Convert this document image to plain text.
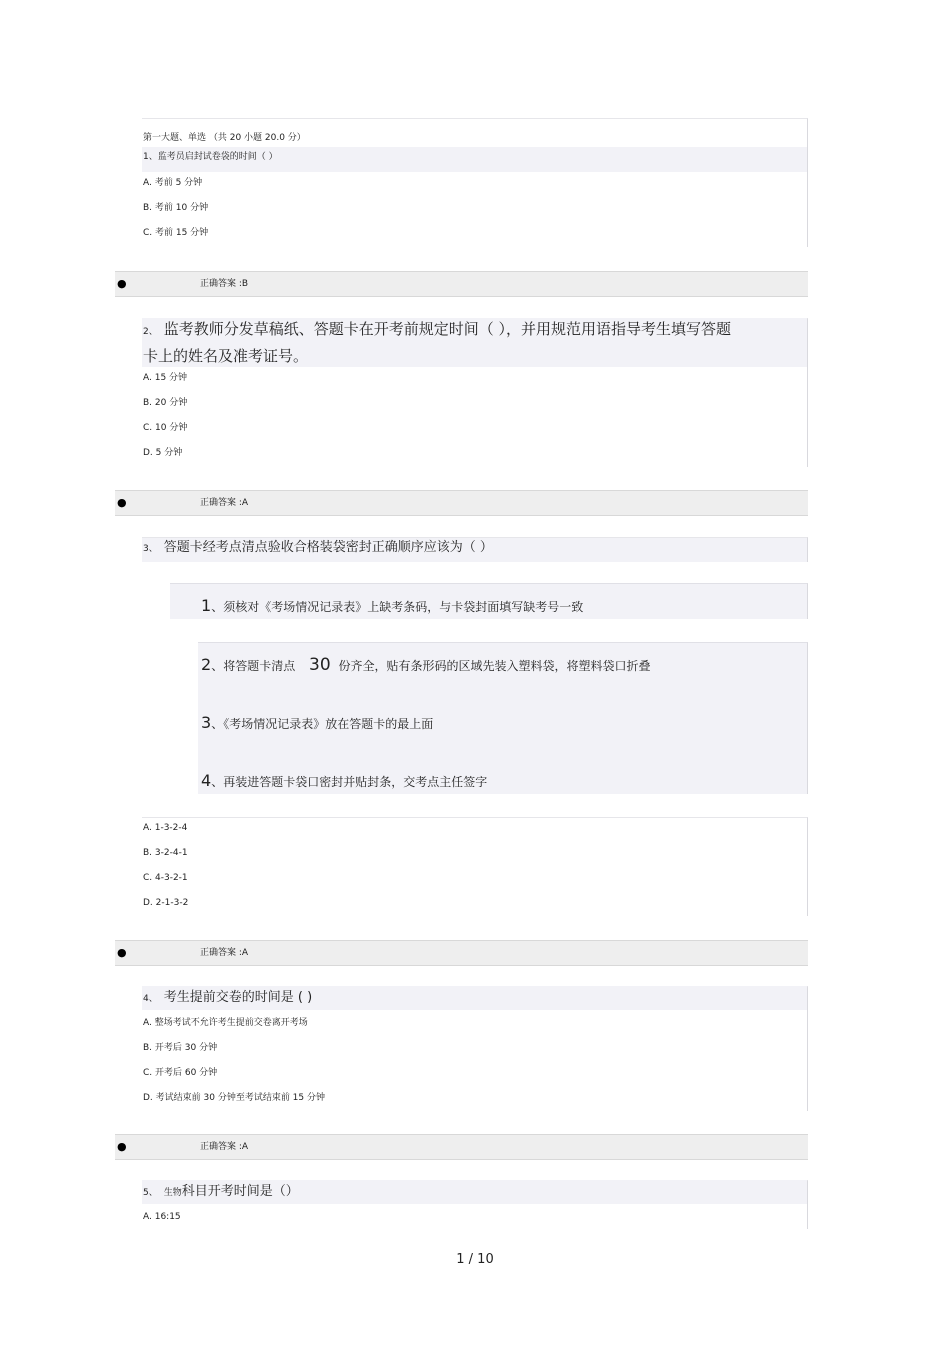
第一大题、单选 （共 20 小题 20.0 分）
1、监考员启封试卷袋的时间（ ）
A. 考前 5 分钟
B. 考前 10 分钟
C. 考前 15 分钟
●	正确答案 :B
2、 监考教师分发草稿纸、答题卡在开考前规定时间（ ），并用规范用语指导考生填写答题
卡上的姓名及准考证号。
A. 15 分钟
B. 20 分钟
C. 10 分钟
D. 5 分钟
●	正确答案 :A
3、 答题卡经考点清点验收合格装袋密封正确顺序应该为（ ）
1、须核对《考场情况记录表》上缺考条码，与卡袋封面填写缺考号一致
2、将答题卡清点 30 份齐全，贴有条形码的区域先装入塑料袋，将塑料袋口折叠
3、《考场情况记录表》放在答题卡的最上面
4、再装进答题卡袋口密封并贴封条，交考点主任签字
A. 1-3-2-4
B. 3-2-4-1
C. 4-3-2-1
D. 2-1-3-2
●	正确答案 :A
4、 考生提前交卷的时间是 ( )
A. 整场考试不允许考生提前交卷离开考场
B. 开考后 30 分钟
C. 开考后 60 分钟
D. 考试结束前 30 分钟至考试结束前 15 分钟
●	正确答案 :A
5、 生物科目开考时间是（）
A. 16:15
1 / 10
